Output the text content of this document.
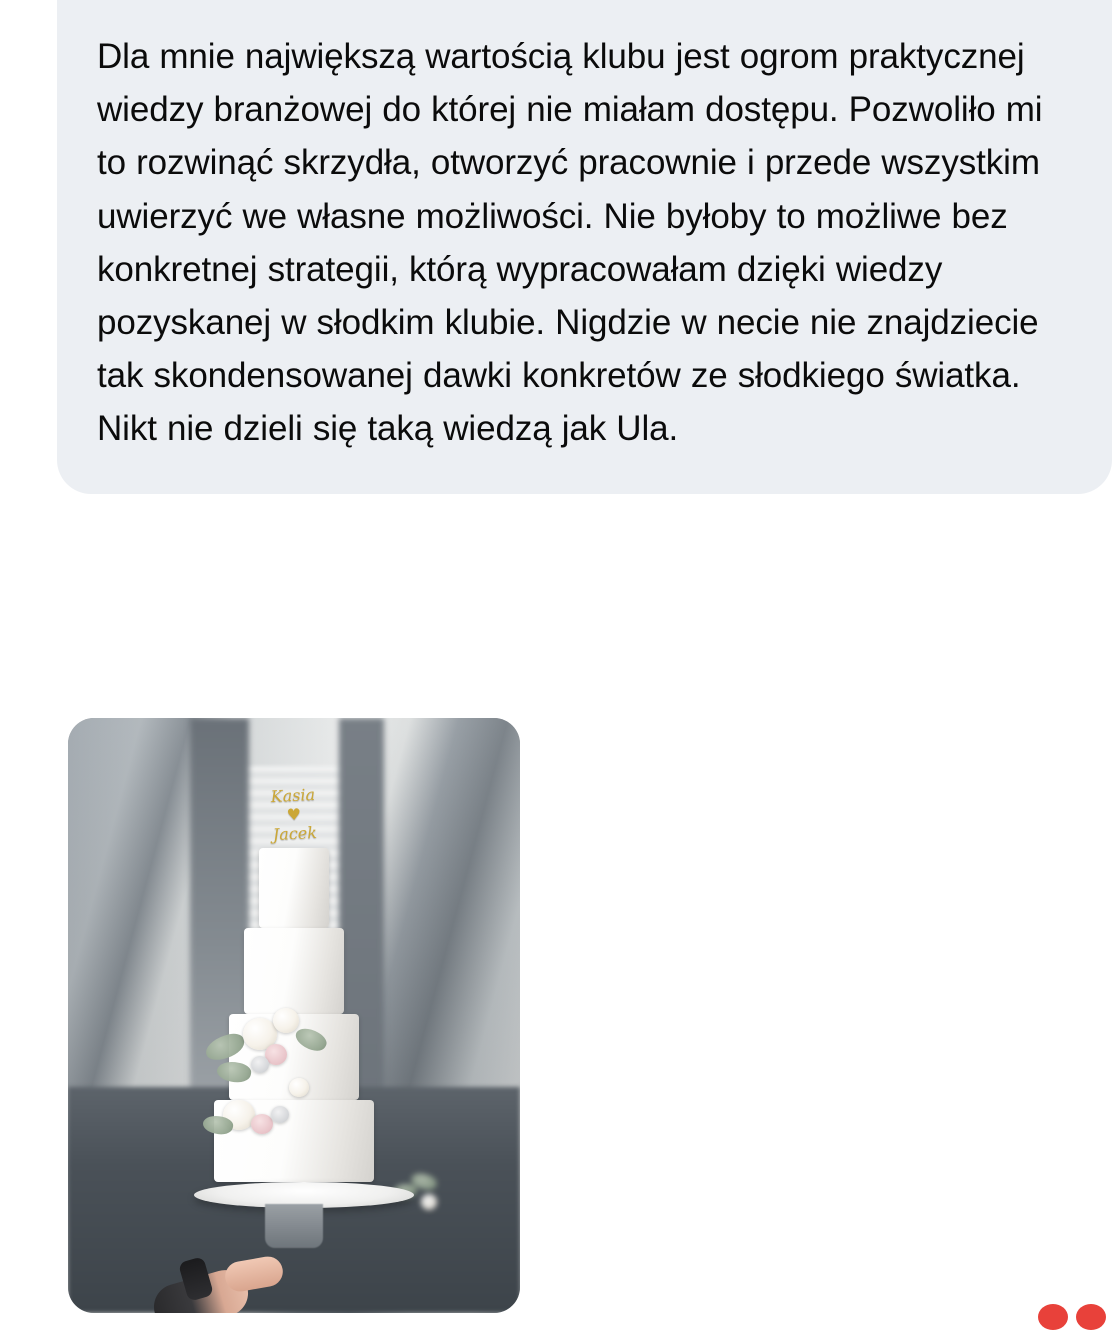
Dla mnie największą wartością klubu jest ogrom praktycznej wiedzy branżowej do której nie miałam dostępu. Pozwoliło mi to rozwinąć skrzydła, otworzyć pracownie i przede wszystkim uwierzyć we własne możliwości. Nie byłoby to możliwe bez konkretnej strategii, którą wypracowałam dzięki wiedzy pozyskanej w słodkim klubie. Nigdzie w necie nie znajdziecie tak skondensowanej dawki konkretów ze słodkiego światka. Nikt nie dzieli się taką wiedzą jak Ula.

Kasia
♥
Jacek
